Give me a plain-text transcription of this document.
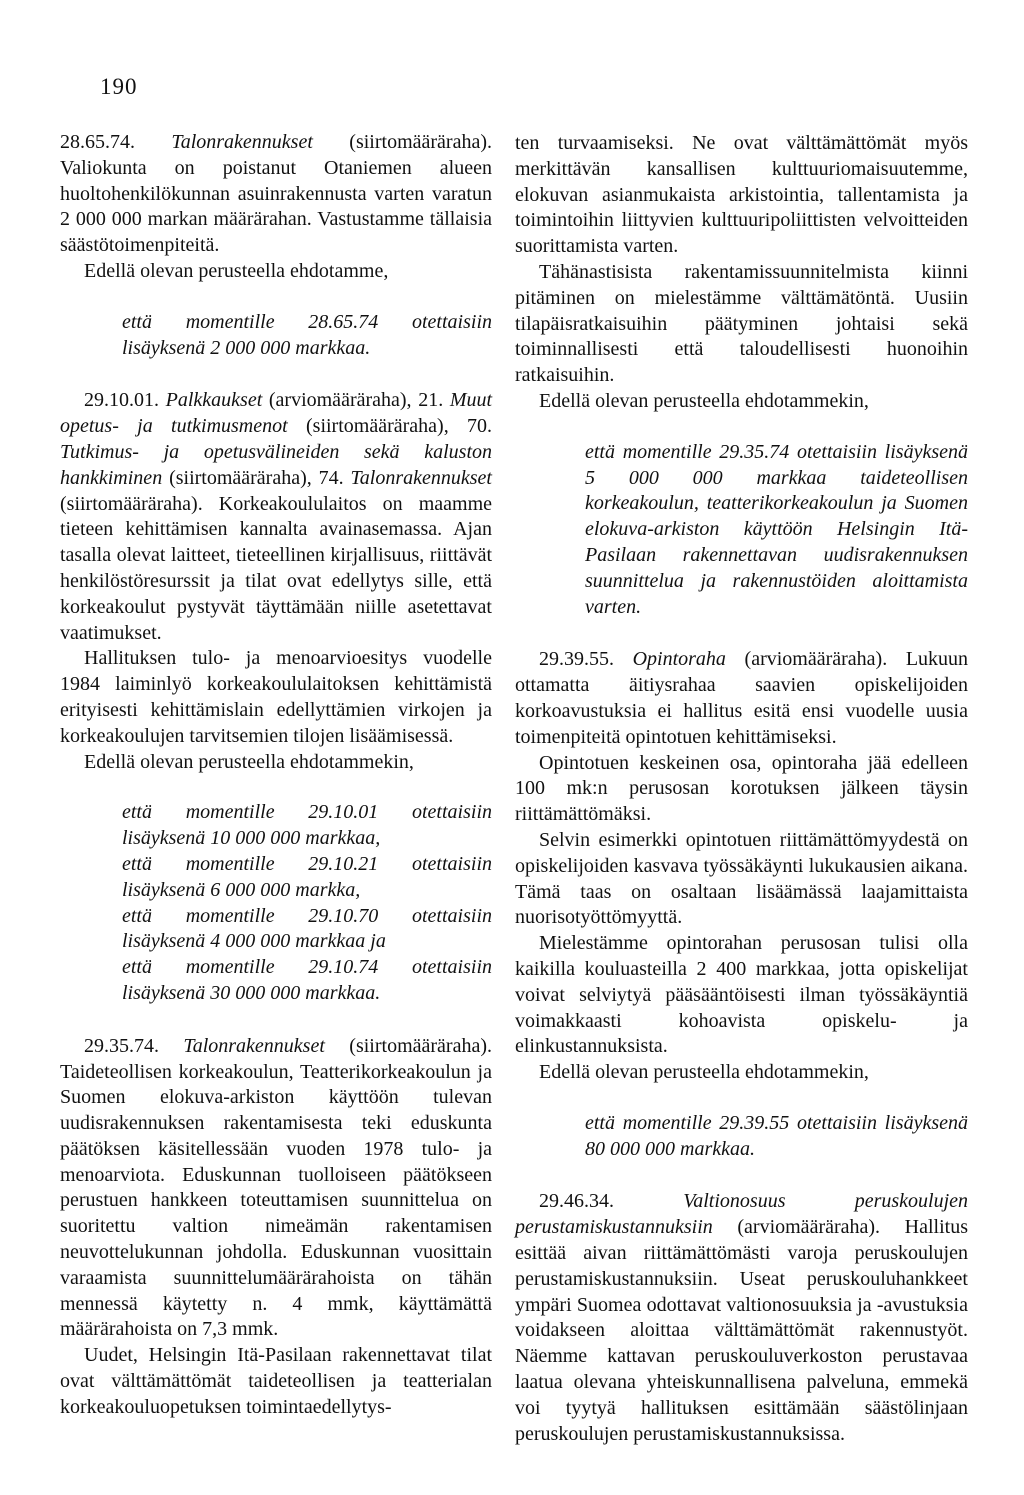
190

28.65.74. Talonrakennukset (siirtomääräraha). Valiokunta on poistanut Otaniemen alueen huoltohenkilökunnan asuinrakennusta varten varatun 2 000 000 markan määrärahan. Vastustamme tällaisia säästötoimenpiteitä.

Edellä olevan perusteella ehdotamme,

että momentille 28.65.74 otettaisiin lisäyksenä 2 000 000 markkaa.

29.10.01. Palkkaukset (arviomääräraha), 21. Muut opetus- ja tutkimusmenot (siirtomääräraha), 70. Tutkimus- ja opetusvälineiden sekä kaluston hankkiminen (siirtomääräraha), 74. Talonrakennukset (siirtomääräraha). Korkeakoululaitos on maamme tieteen kehittämisen kannalta avainasemassa. Ajan tasalla olevat laitteet, tieteellinen kirjallisuus, riittävät henkilöstöresurssit ja tilat ovat edellytys sille, että korkeakoulut pystyvät täyttämään niille asetettavat vaatimukset.

Hallituksen tulo- ja menoarvioesitys vuodelle 1984 laiminlyö korkeakoululaitoksen kehittämistä erityisesti kehittämislain edellyttämien virkojen ja korkeakoulujen tarvitsemien tilojen lisäämisessä.

Edellä olevan perusteella ehdotammekin,

että momentille 29.10.01 otettaisiin lisäyksenä 10 000 000 markkaa,
että momentille 29.10.21 otettaisiin lisäyksenä 6 000 000 markka,
että momentille 29.10.70 otettaisiin lisäyksenä 4 000 000 markkaa ja
että momentille 29.10.74 otettaisiin lisäyksenä 30 000 000 markkaa.

29.35.74. Talonrakennukset (siirtomääräraha). Taideteollisen korkeakoulun, Teatterikorkeakoulun ja Suomen elokuva-arkiston käyttöön tulevan uudisrakennuksen rakentamisesta teki eduskunta päätöksen käsitellessään vuoden 1978 tulo- ja menoarviota. Eduskunnan tuolloiseen päätökseen perustuen hankkeen toteuttamisen suunnittelua on suoritettu valtion nimeämän rakentamisen neuvottelukunnan johdolla. Eduskunnan vuosittain varaamista suunnittelumäärärahoista on tähän mennessä käytetty n. 4 mmk, käyttämättä määrärahoista on 7,3 mmk.

Uudet, Helsingin Itä-Pasilaan rakennettavat tilat ovat välttämättömät taideteollisen ja teatterialan korkeakouluopetuksen toimintaedellytys-

ten turvaamiseksi. Ne ovat välttämättömät myös merkittävän kansallisen kulttuuriomaisuutemme, elokuvan asianmukaista arkistointia, tallentamista ja toimintoihin liittyvien kulttuuripoliittisten velvoitteiden suorittamista varten.

Tähänastisista rakentamissuunnitelmista kiinni pitäminen on mielestämme välttämätöntä. Uusiin tilapäisratkaisuihin päätyminen johtaisi sekä toiminnallisesti että taloudellisesti huonoihin ratkaisuihin.

Edellä olevan perusteella ehdotammekin,

että momentille 29.35.74 otettaisiin lisäyksenä 5 000 000 markkaa taideteollisen korkeakoulun, teatterikorkeakoulun ja Suomen elokuva-arkiston käyttöön Helsingin Itä-Pasilaan rakennettavan uudisrakennuksen suunnittelua ja rakennustöiden aloittamista varten.

29.39.55. Opintoraha (arviomääräraha). Lukuun ottamatta äitiysrahaa saavien opiskelijoiden korkoavustuksia ei hallitus esitä ensi vuodelle uusia toimenpiteitä opintotuen kehittämiseksi.

Opintotuen keskeinen osa, opintoraha jää edelleen 100 mk:n perusosan korotuksen jälkeen täysin riittämättömäksi.

Selvin esimerkki opintotuen riittämättömyydestä on opiskelijoiden kasvava työssäkäynti lukukausien aikana. Tämä taas on osaltaan lisäämässä laajamittaista nuorisotyöttömyyttä.

Mielestämme opintorahan perusosan tulisi olla kaikilla kouluasteilla 2 400 markkaa, jotta opiskelijat voivat selviytyä pääsääntöisesti ilman työssäkäyntiä voimakkaasti kohoavista opiskelu- ja elinkustannuksista.

Edellä olevan perusteella ehdotammekin,

että momentille 29.39.55 otettaisiin lisäyksenä 80 000 000 markkaa.

29.46.34.	Valtionosuus peruskoulujen perustamiskustannuksiin (arviomääräraha). Hallitus esittää aivan riittämättömästi varoja peruskoulujen perustamiskustannuksiin. Useat peruskouluhankkeet ympäri Suomea odottavat valtionosuuksia ja -avustuksia voidakseen aloittaa välttämättömät rakennustyöt. Näemme kattavan peruskouluverkoston perustavaa laatua olevana yhteiskunnallisena palveluna, emmekä voi tyytyä hallituksen esittämään säästölinjaan peruskoulujen perustamiskustannuksissa.
